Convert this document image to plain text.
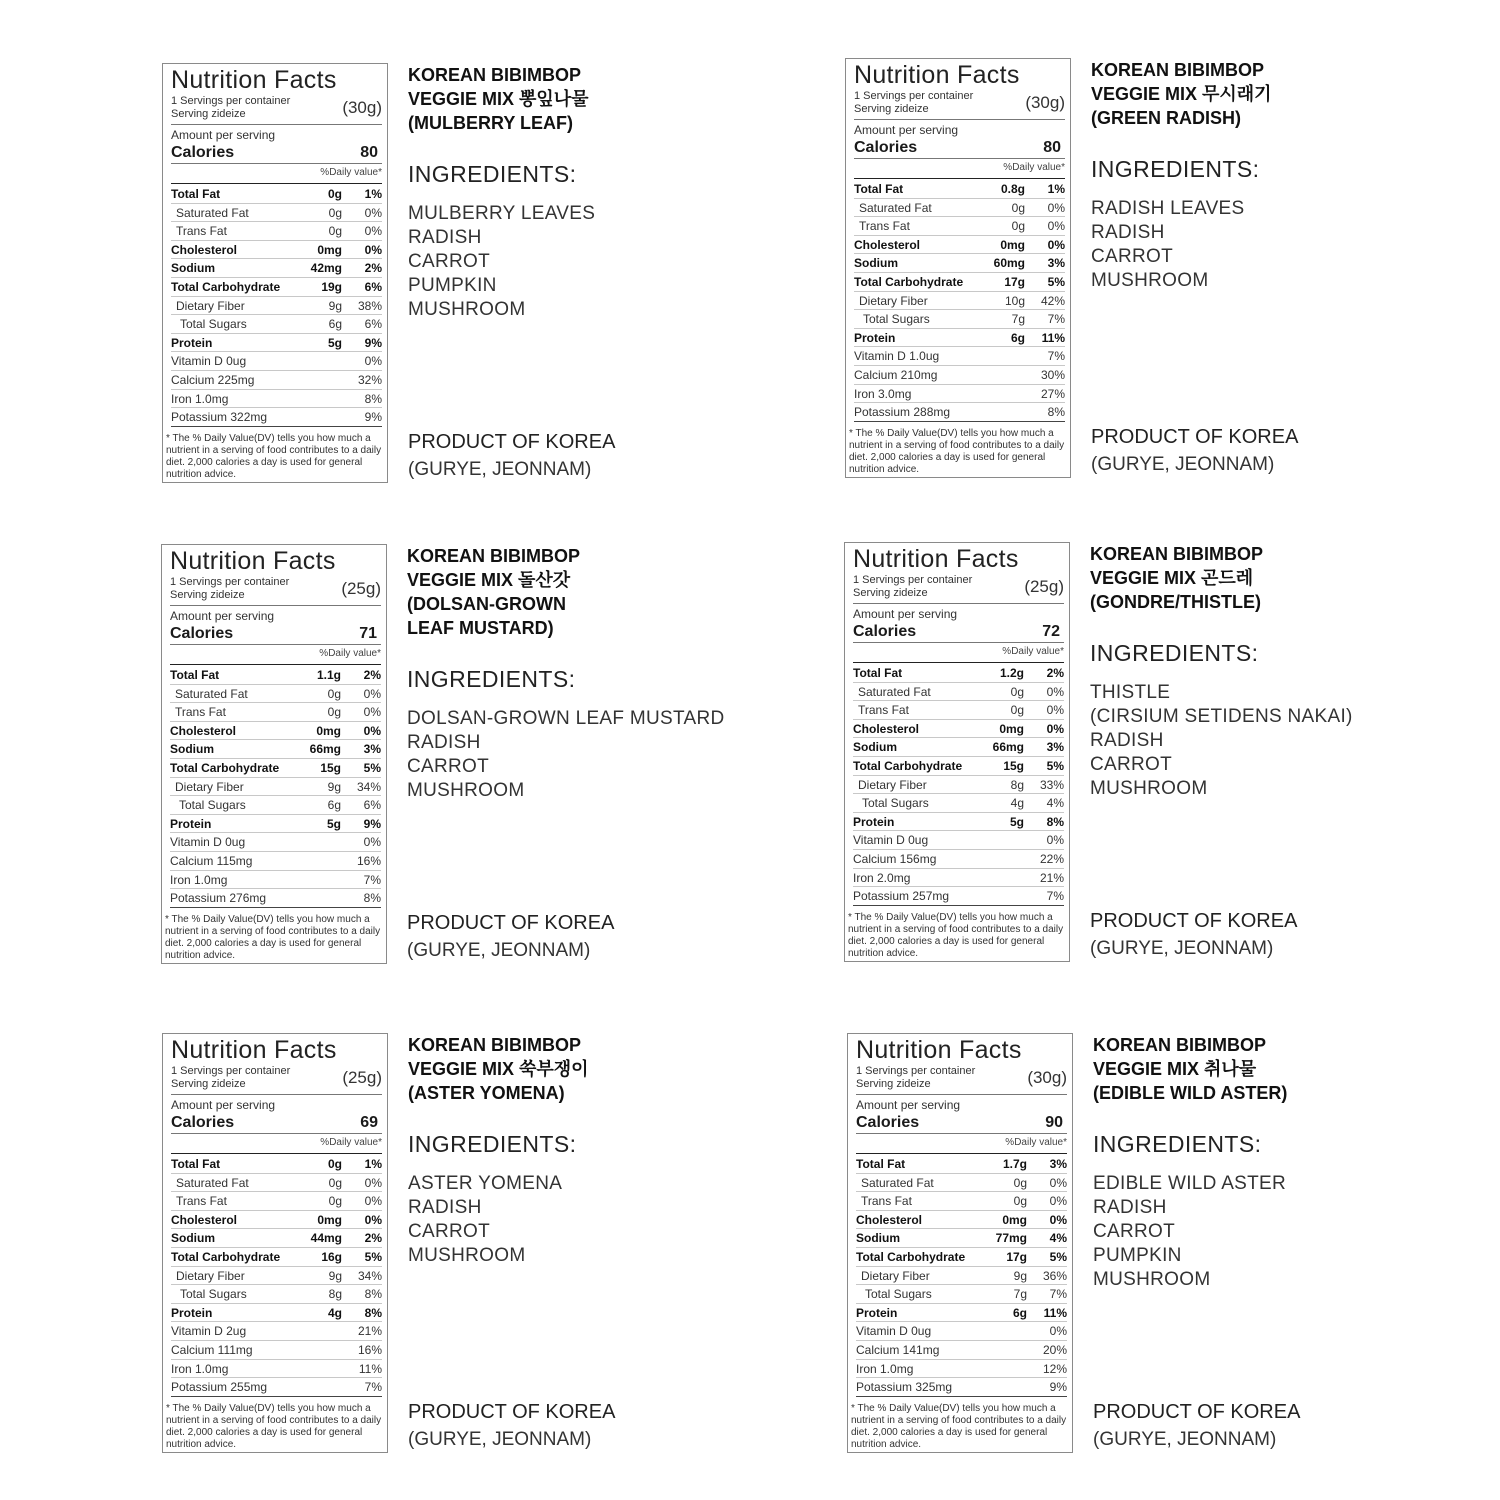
Nutrition Facts
1 Servings per container
Serving zideize	(30g)
Amount per serving
Calories	80
%Daily value*
Total Fat	0g	1%
Saturated Fat	0g	0%
Trans Fat	0g	0%
Cholesterol	0mg	0%
Sodium	42mg	2%
Total Carbohydrate	19g	6%
Dietary Fiber	9g	38%
Total Sugars	6g	6%
Protein	5g	9%
Vitamin D 0ug	0%
Calcium 225mg	32%
Iron 1.0mg	8%
Potassium 322mg	9%
* The % Daily Value(DV) tells you how much a nutrient in a serving of food contributes to a daily diet. 2,000 calories a day is used for general nutrition advice.
KOREAN BIBIMBOP
VEGGIE MIX 뽕잎나물
(MULBERRY LEAF)
INGREDIENTS:
MULBERRY LEAVES
RADISH
CARROT
PUMPKIN
MUSHROOM
PRODUCT OF KOREA
(GURYE, JEONNAM)
Nutrition Facts
1 Servings per container
Serving zideize	(30g)
Amount per serving
Calories	80
%Daily value*
Total Fat	0.8g	1%
Saturated Fat	0g	0%
Trans Fat	0g	0%
Cholesterol	0mg	0%
Sodium	60mg	3%
Total Carbohydrate	17g	5%
Dietary Fiber	10g	42%
Total Sugars	7g	7%
Protein	6g	11%
Vitamin D 1.0ug	7%
Calcium 210mg	30%
Iron 3.0mg	27%
Potassium 288mg	8%
* The % Daily Value(DV) tells you how much a nutrient in a serving of food contributes to a daily diet. 2,000 calories a day is used for general nutrition advice.
KOREAN BIBIMBOP
VEGGIE MIX 무시래기
(GREEN RADISH)
INGREDIENTS:
RADISH LEAVES
RADISH
CARROT
MUSHROOM
PRODUCT OF KOREA
(GURYE, JEONNAM)
Nutrition Facts
1 Servings per container
Serving zideize	(25g)
Amount per serving
Calories	71
%Daily value*
Total Fat	1.1g	2%
Saturated Fat	0g	0%
Trans Fat	0g	0%
Cholesterol	0mg	0%
Sodium	66mg	3%
Total Carbohydrate	15g	5%
Dietary Fiber	9g	34%
Total Sugars	6g	6%
Protein	5g	9%
Vitamin D 0ug	0%
Calcium 115mg	16%
Iron 1.0mg	7%
Potassium 276mg	8%
* The % Daily Value(DV) tells you how much a nutrient in a serving of food contributes to a daily diet. 2,000 calories a day is used for general nutrition advice.
KOREAN BIBIMBOP
VEGGIE MIX 돌산갓
(DOLSAN-GROWN
LEAF MUSTARD)
INGREDIENTS:
DOLSAN-GROWN LEAF MUSTARD
RADISH
CARROT
MUSHROOM
PRODUCT OF KOREA
(GURYE, JEONNAM)
Nutrition Facts
1 Servings per container
Serving zideize	(25g)
Amount per serving
Calories	72
%Daily value*
Total Fat	1.2g	2%
Saturated Fat	0g	0%
Trans Fat	0g	0%
Cholesterol	0mg	0%
Sodium	66mg	3%
Total Carbohydrate	15g	5%
Dietary Fiber	8g	33%
Total Sugars	4g	4%
Protein	5g	8%
Vitamin D 0ug	0%
Calcium 156mg	22%
Iron 2.0mg	21%
Potassium 257mg	7%
* The % Daily Value(DV) tells you how much a nutrient in a serving of food contributes to a daily diet. 2,000 calories a day is used for general nutrition advice.
KOREAN BIBIMBOP
VEGGIE MIX 곤드레
(GONDRE/THISTLE)
INGREDIENTS:
THISTLE
(CIRSIUM SETIDENS NAKAI)
RADISH
CARROT
MUSHROOM
PRODUCT OF KOREA
(GURYE, JEONNAM)
Nutrition Facts
1 Servings per container
Serving zideize	(25g)
Amount per serving
Calories	69
%Daily value*
Total Fat	0g	1%
Saturated Fat	0g	0%
Trans Fat	0g	0%
Cholesterol	0mg	0%
Sodium	44mg	2%
Total Carbohydrate	16g	5%
Dietary Fiber	9g	34%
Total Sugars	8g	8%
Protein	4g	8%
Vitamin D 2ug	21%
Calcium 111mg	16%
Iron 1.0mg	11%
Potassium 255mg	7%
* The % Daily Value(DV) tells you how much a nutrient in a serving of food contributes to a daily diet. 2,000 calories a day is used for general nutrition advice.
KOREAN BIBIMBOP
VEGGIE MIX 쑥부쟁이
(ASTER YOMENA)
INGREDIENTS:
ASTER YOMENA
RADISH
CARROT
MUSHROOM
PRODUCT OF KOREA
(GURYE, JEONNAM)
Nutrition Facts
1 Servings per container
Serving zideize	(30g)
Amount per serving
Calories	90
%Daily value*
Total Fat	1.7g	3%
Saturated Fat	0g	0%
Trans Fat	0g	0%
Cholesterol	0mg	0%
Sodium	77mg	4%
Total Carbohydrate	17g	5%
Dietary Fiber	9g	36%
Total Sugars	7g	7%
Protein	6g	11%
Vitamin D 0ug	0%
Calcium 141mg	20%
Iron 1.0mg	12%
Potassium 325mg	9%
* The % Daily Value(DV) tells you how much a nutrient in a serving of food contributes to a daily diet. 2,000 calories a day is used for general nutrition advice.
KOREAN BIBIMBOP
VEGGIE MIX 취나물
(EDIBLE WILD ASTER)
INGREDIENTS:
EDIBLE WILD ASTER
RADISH
CARROT
PUMPKIN
MUSHROOM
PRODUCT OF KOREA
(GURYE, JEONNAM)
